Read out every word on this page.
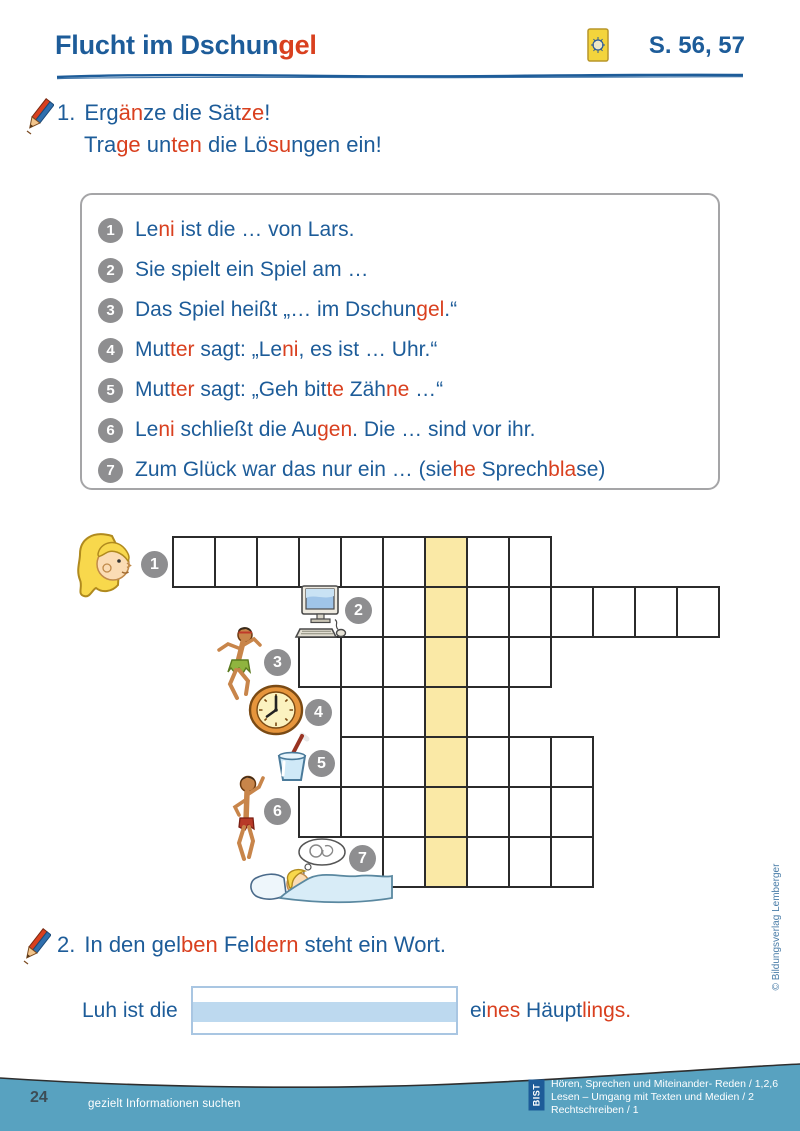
Flucht im Dschungel	S. 56, 57
1. Ergänze die Sätze!
Trage unten die Lösungen ein!
1 Leni ist die … von Lars.
2 Sie spielt ein Spiel am …
3 Das Spiel heißt „… im Dschungel.“
4 Mutter sagt: „Leni, es ist … Uhr.“
5 Mutter sagt: „Geh bitte Zähne …“
6 Leni schließt die Augen. Die … sind vor ihr.
7 Zum Glück war das nur ein … (siehe Sprechblase)
1
2
3
4
5
6
7
2. In den gelben Feldern steht ein Wort.
Luh ist die	eines Häuptlings.
© Bildungsverlag Lemberger
24	gezielt Informationen suchen	BIST Hören, Sprechen und Miteinander- Reden / 1,2,6
Lesen – Umgang mit Texten und Medien / 2
Rechtschreiben / 1
